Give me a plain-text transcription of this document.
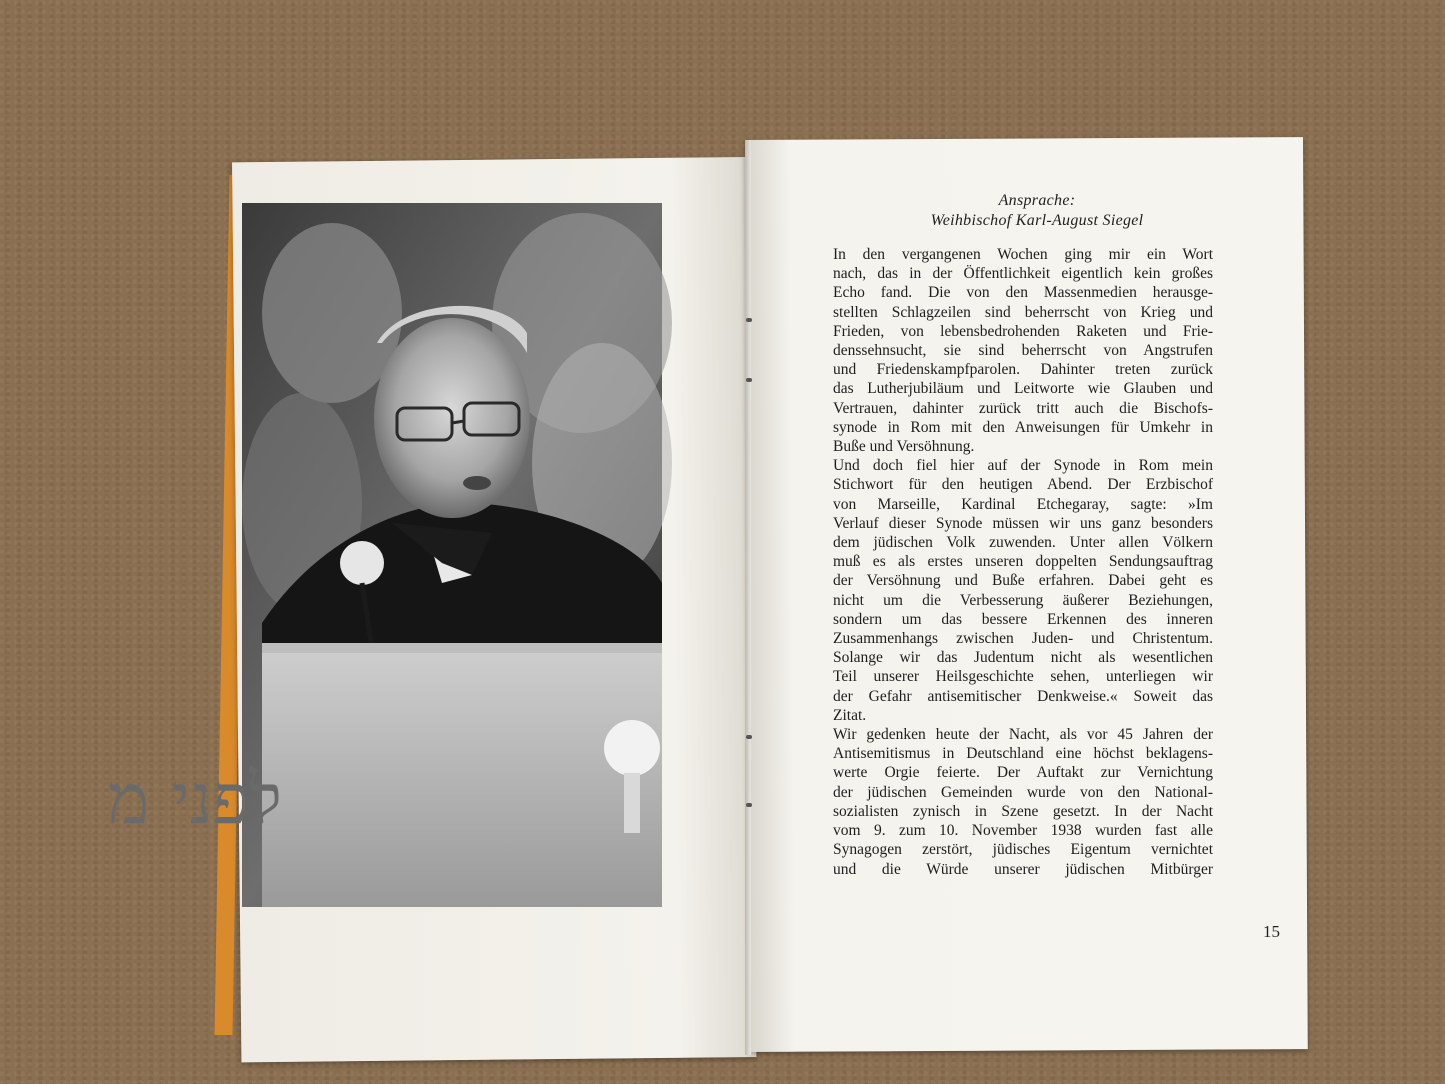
לפני מ
Ansprache:
Weihbischof Karl-August Siegel
In den vergangenen Wochen ging mir ein Wort
nach, das in der Öffentlichkeit eigentlich kein großes
Echo fand. Die von den Massenmedien herausge-
stellten Schlagzeilen sind beherrscht von Krieg und
Frieden, von lebensbedrohenden Raketen und Frie-
denssehnsucht, sie sind beherrscht von Angstrufen
und Friedenskampfparolen. Dahinter treten zurück
das Lutherjubiläum und Leitworte wie Glauben und
Vertrauen, dahinter zurück tritt auch die Bischofs-
synode in Rom mit den Anweisungen für Umkehr in
Buße und Versöhnung.
Und doch fiel hier auf der Synode in Rom mein
Stichwort für den heutigen Abend. Der Erzbischof
von Marseille, Kardinal Etchegaray, sagte: »Im
Verlauf dieser Synode müssen wir uns ganz besonders
dem jüdischen Volk zuwenden. Unter allen Völkern
muß es als erstes unseren doppelten Sendungsauftrag
der Versöhnung und Buße erfahren. Dabei geht es
nicht um die Verbesserung äußerer Beziehungen,
sondern um das bessere Erkennen des inneren
Zusammenhangs zwischen Juden- und Christentum.
Solange wir das Judentum nicht als wesentlichen
Teil unserer Heilsgeschichte sehen, unterliegen wir
der Gefahr antisemitischer Denkweise.« Soweit das
Zitat.
Wir gedenken heute der Nacht, als vor 45 Jahren der
Antisemitismus in Deutschland eine höchst beklagens-
werte Orgie feierte. Der Auftakt zur Vernichtung
der jüdischen Gemeinden wurde von den National-
sozialisten zynisch in Szene gesetzt. In der Nacht
vom 9. zum 10. November 1938 wurden fast alle
Synagogen zerstört, jüdisches Eigentum vernichtet
und die Würde unserer jüdischen Mitbürger
15
